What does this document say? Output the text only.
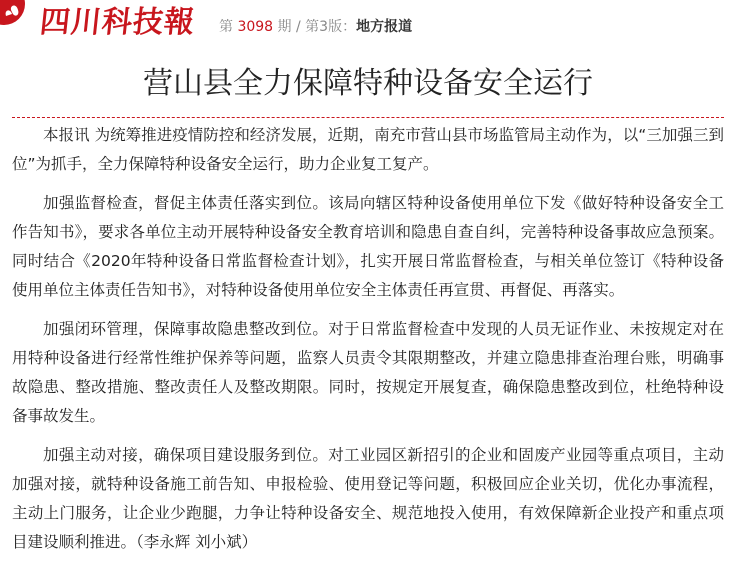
四川科技報 第 3098 期 / 第3版：地方报道
营山县全力保障特种设备安全运行

本报讯 为统筹推进疫情防控和经济发展，近期，南充市营山县市场监管局主动作为，以“三加强三到位”为抓手，全力保障特种设备安全运行，助力企业复工复产。

加强监督检查，督促主体责任落实到位。该局向辖区特种设备使用单位下发《做好特种设备安全工作告知书》，要求各单位主动开展特种设备安全教育培训和隐患自查自纠，完善特种设备事故应急预案。同时结合《2020年特种设备日常监督检查计划》，扎实开展日常监督检查，与相关单位签订《特种设备使用单位主体责任告知书》，对特种设备使用单位安全主体责任再宣贯、再督促、再落实。

加强闭环管理，保障事故隐患整改到位。对于日常监督检查中发现的人员无证作业、未按规定对在用特种设备进行经常性维护保养等问题，监察人员责令其限期整改，并建立隐患排查治理台账，明确事故隐患、整改措施、整改责任人及整改期限。同时，按规定开展复查，确保隐患整改到位，杜绝特种设备事故发生。

加强主动对接，确保项目建设服务到位。对工业园区新招引的企业和固废产业园等重点项目，主动加强对接，就特种设备施工前告知、申报检验、使用登记等问题，积极回应企业关切，优化办事流程，主动上门服务，让企业少跑腿，力争让特种设备安全、规范地投入使用，有效保障新企业投产和重点项目建设顺利推进。（李永辉 刘小斌）
